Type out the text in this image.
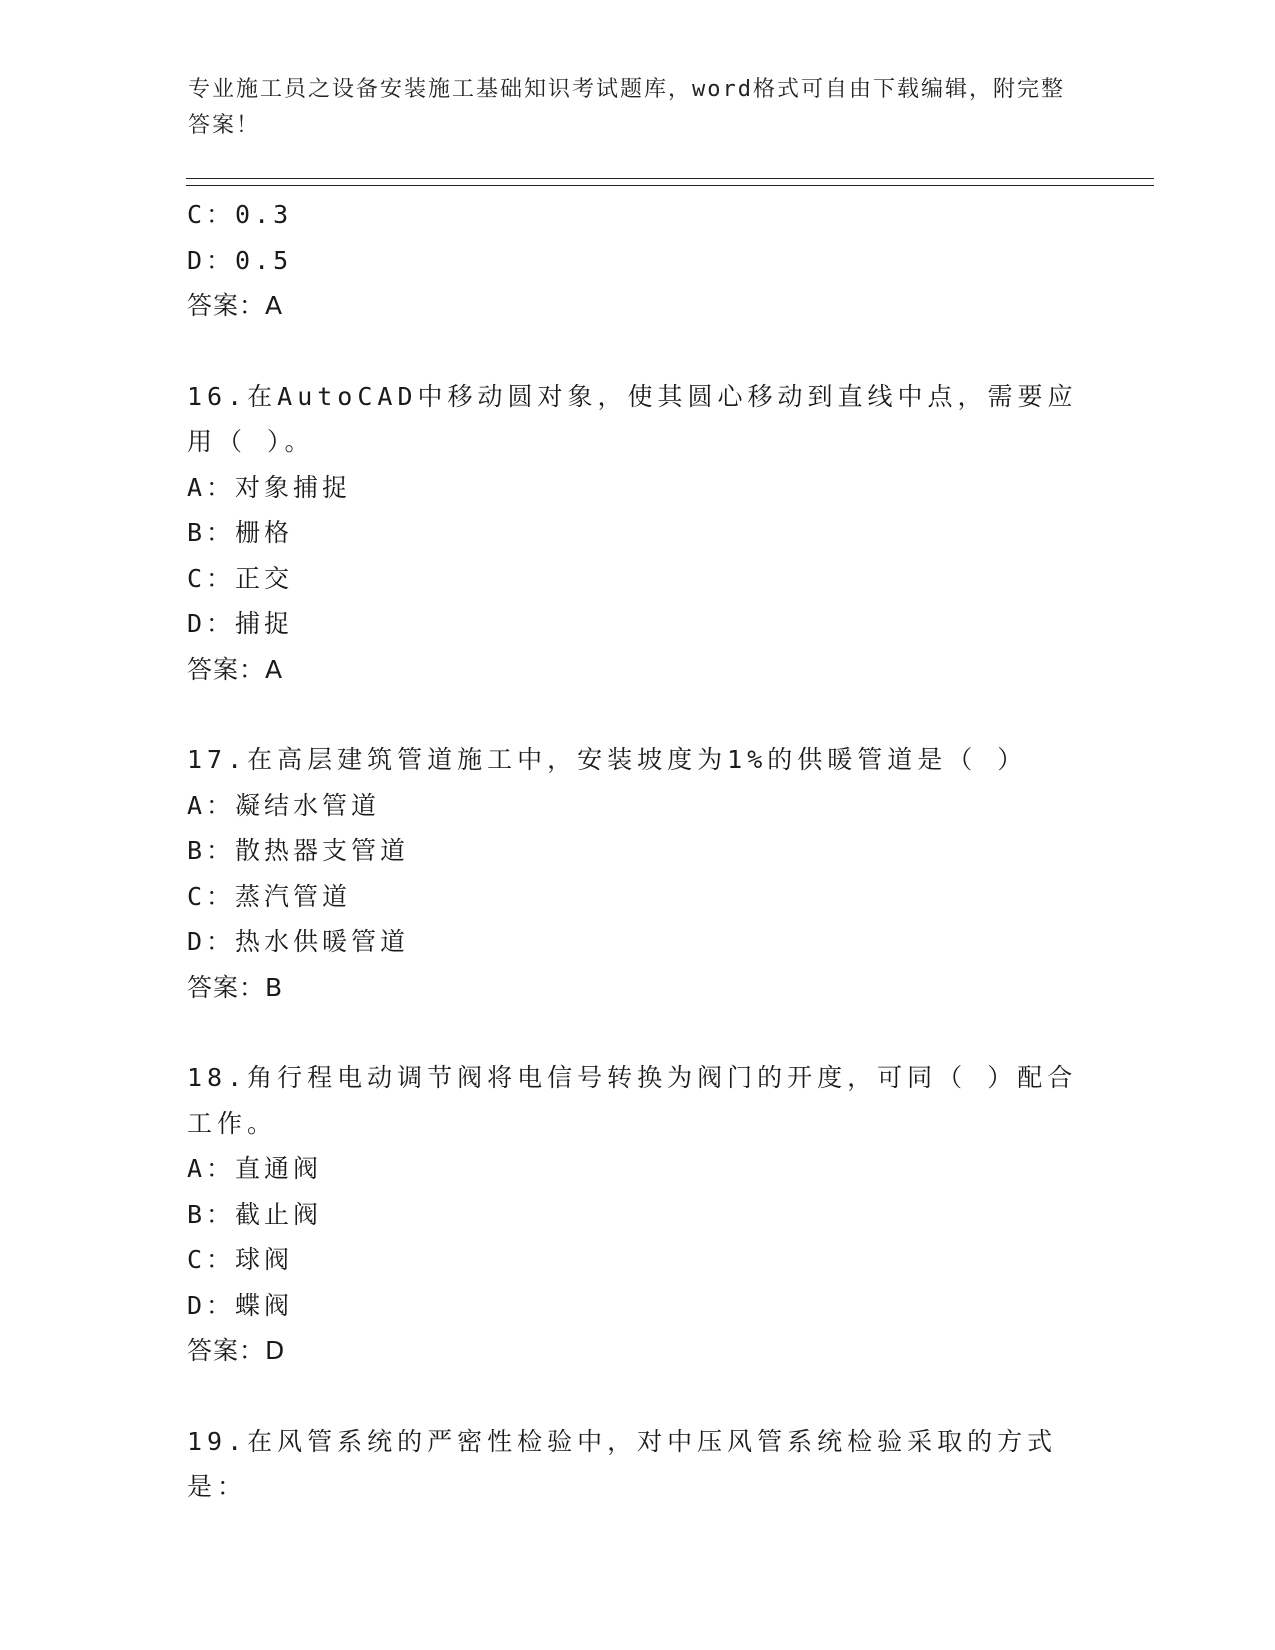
专业施工员之设备安装施工基础知识考试题库，word格式可自由下载编辑，附完整答案！
C：0.3
D：0.5
答案：A
16.在AutoCAD中移动圆对象，使其圆心移动到直线中点，需要应用（ ）。
A：对象捕捉
B：栅格
C：正交
D：捕捉
答案：A
17.在高层建筑管道施工中，安装坡度为1%的供暖管道是（ ）
A：凝结水管道
B：散热器支管道
C：蒸汽管道
D：热水供暖管道
答案：B
18.角行程电动调节阀将电信号转换为阀门的开度，可同（ ）配合工作。
A：直通阀
B：截止阀
C：球阀
D：蝶阀
答案：D
19.在风管系统的严密性检验中，对中压风管系统检验采取的方式是：
